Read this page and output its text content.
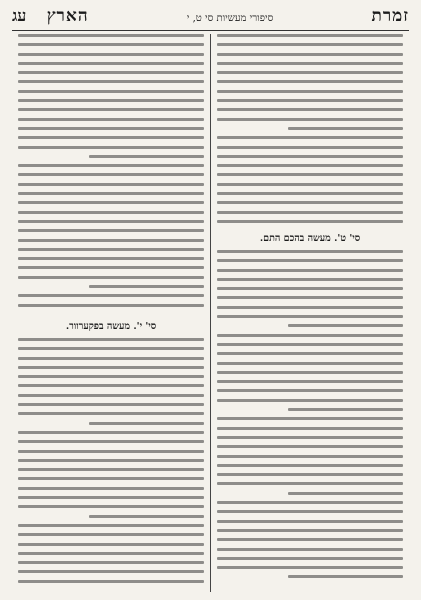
זמרת
סיפורי מעשיות סי ט, י
הארץ    עג
סי' ט'. מעשה בהכם התם.
סי' י'. מעשה בפקערוור.
